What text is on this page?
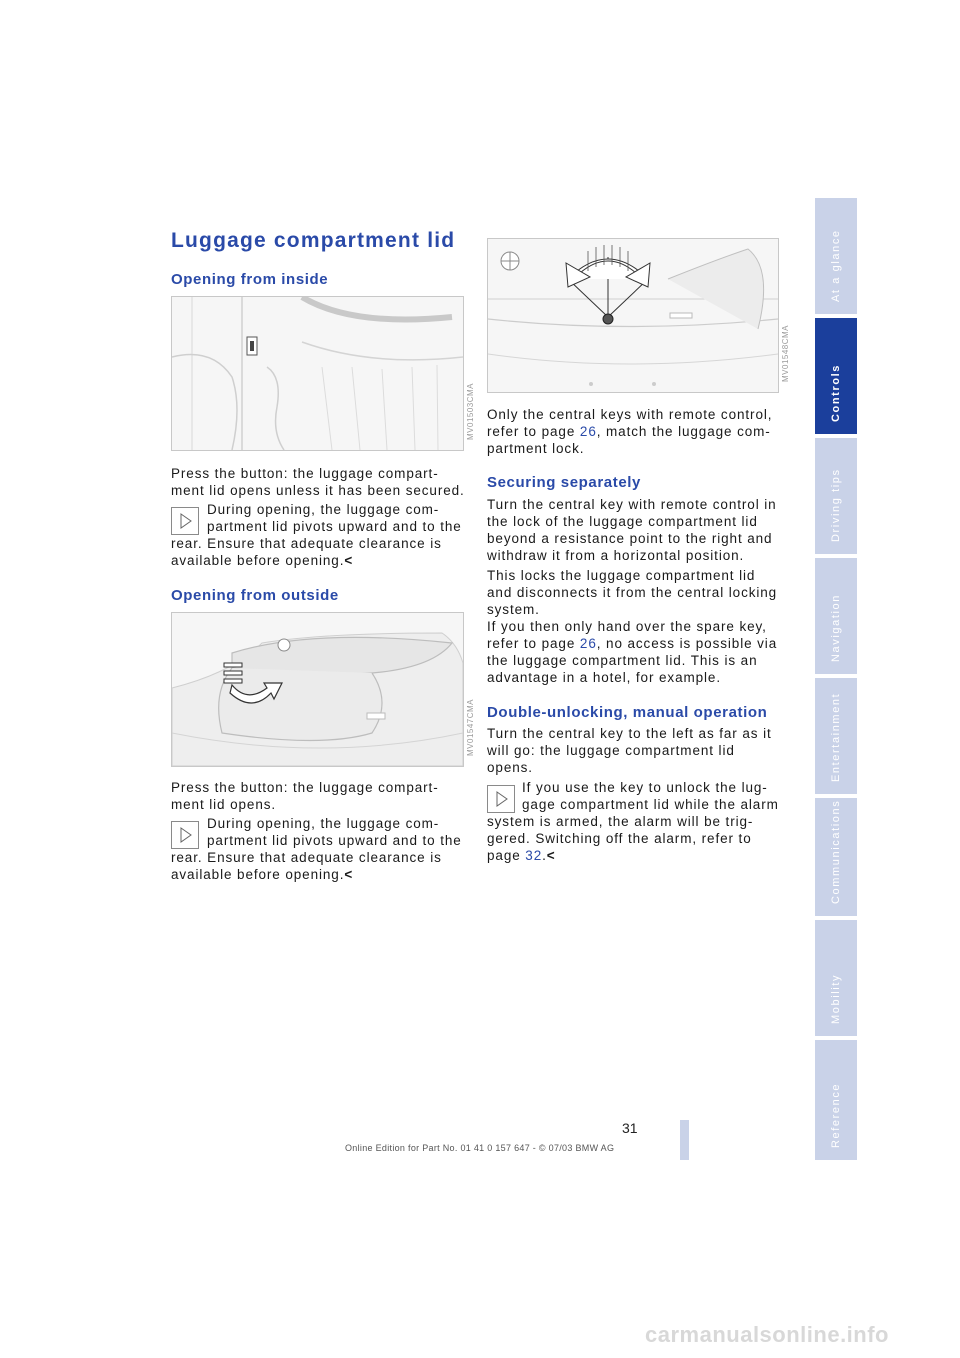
Luggage compartment lid
Opening from inside
MV01503CMA
Press the button: the luggage compart-
ment lid opens unless it has been secured.
During opening, the luggage com-
partment lid pivots upward and to the
rear. Ensure that adequate clearance is
available before opening.<
Opening from outside
MV01547CMA
Press the button: the luggage compart-
ment lid opens.
During opening, the luggage com-
partment lid pivots upward and to the
rear. Ensure that adequate clearance is
available before opening.<
MV01548CMA
Only the central keys with remote control,
refer to page 26, match the luggage com-
partment lock.
Securing separately
Turn the central key with remote control in
the lock of the luggage compartment lid
beyond a resistance point to the right and
withdraw it from a horizontal position.
This locks the luggage compartment lid
and disconnects it from the central locking
system.
If you then only hand over the spare key,
refer to page 26, no access is possible via
the luggage compartment lid. This is an
advantage in a hotel, for example.
Double-unlocking, manual operation
Turn the central key to the left as far as it
will go: the luggage compartment lid
opens.
If you use the key to unlock the lug-
gage compartment lid while the alarm
system is armed, the alarm will be trig-
gered. Switching off the alarm, refer to
page 32.<
At a glance
Controls
Driving tips
Navigation
Entertainment
Communications
Mobility
Reference
31
Online Edition for Part No. 01 41 0 157 647 - © 07/03 BMW AG
carmanualsonline.info
